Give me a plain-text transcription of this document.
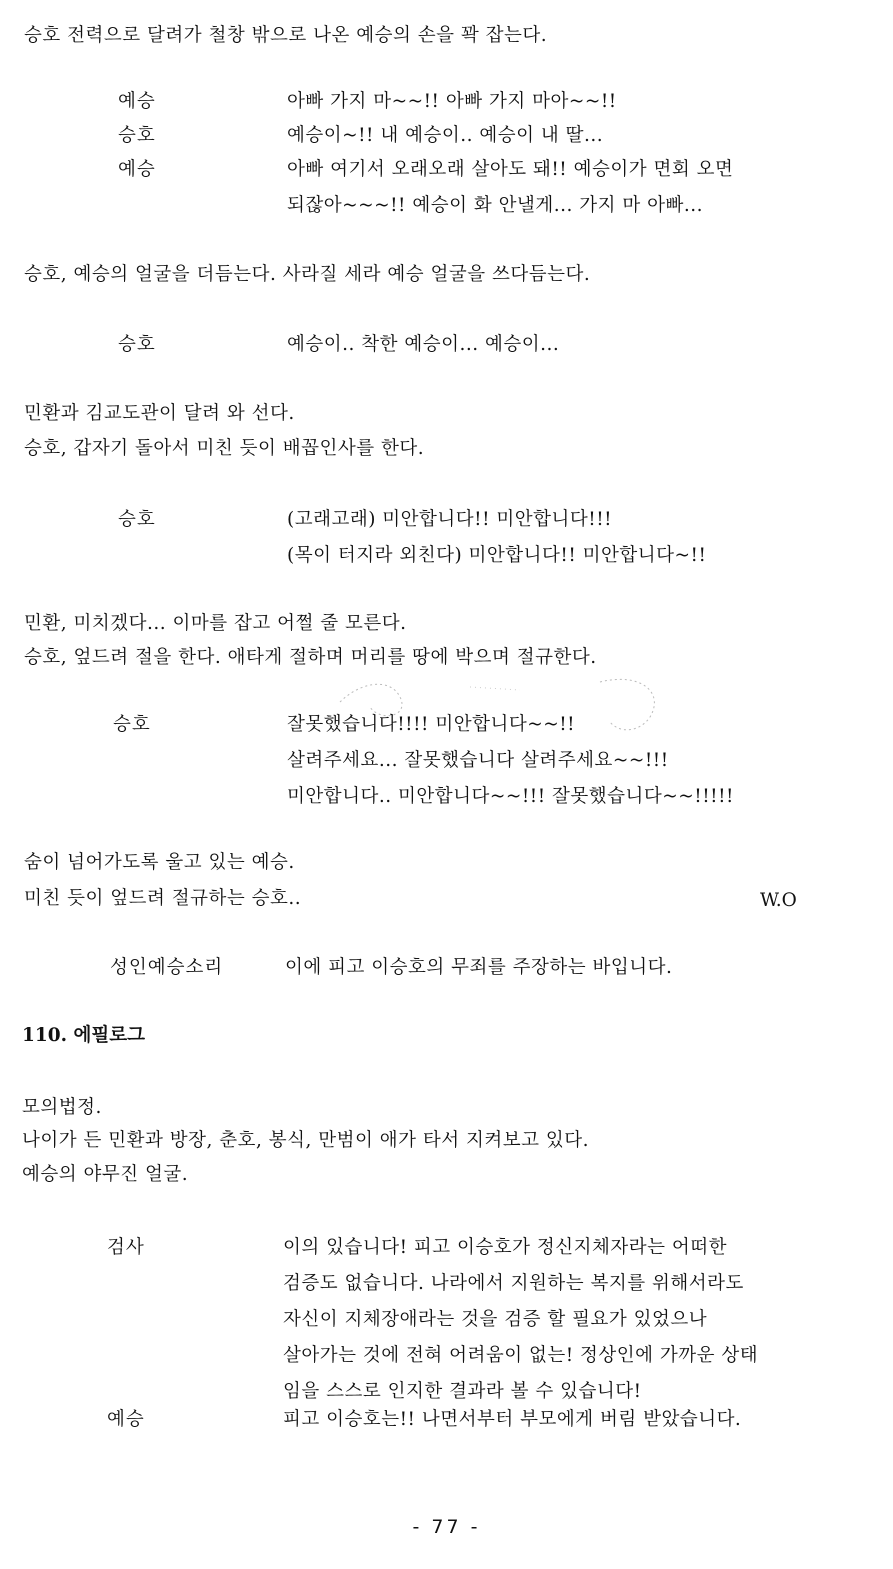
승호 전력으로 달려가 철창 밖으로 나온 예승의 손을 꽉 잡는다.
예승	아빠 가지 마~~!! 아빠 가지 마아~~!!
승호	예승이~!! 내 예승이.. 예승이 내 딸...
예승	아빠 여기서 오래오래 살아도 돼!! 예승이가 면회 오면
되잖아~~~!! 예승이 화 안낼게... 가지 마 아빠...
승호, 예승의 얼굴을 더듬는다. 사라질 세라 예승 얼굴을 쓰다듬는다.
승호	예승이.. 착한 예승이... 예승이...
민환과 김교도관이 달려 와 선다.
승호, 갑자기 돌아서 미친 듯이 배꼽인사를 한다.
승호	(고래고래) 미안합니다!! 미안합니다!!!
(목이 터지라 외친다) 미안합니다!! 미안합니다~!!
민환, 미치겠다... 이마를 잡고 어쩔 줄 모른다.
승호, 엎드려 절을 한다. 애타게 절하며 머리를 땅에 박으며 절규한다.
승호	잘못했습니다!!!! 미안합니다~~!!
살려주세요... 잘못했습니다 살려주세요~~!!!
미안합니다.. 미안합니다~~!!! 잘못했습니다~~!!!!!
숨이 넘어가도록 울고 있는 예승.
미친 듯이 엎드려 절규하는 승호..	W.O
성인예승소리	이에 피고 이승호의 무죄를 주장하는 바입니다.
110. 에필로그
모의법정.
나이가 든 민환과 방장, 춘호, 봉식, 만범이 애가 타서 지켜보고 있다.
예승의 야무진 얼굴.
검사	이의 있습니다! 피고 이승호가 정신지체자라는 어떠한
검증도 없습니다. 나라에서 지원하는 복지를 위해서라도
자신이 지체장애라는 것을 검증 할 필요가 있었으나
살아가는 것에 전혀 어려움이 없는! 정상인에 가까운 상태
임을 스스로 인지한 결과라 볼 수 있습니다!
예승	피고 이승호는!! 나면서부터 부모에게 버림 받았습니다.
- 77 -
